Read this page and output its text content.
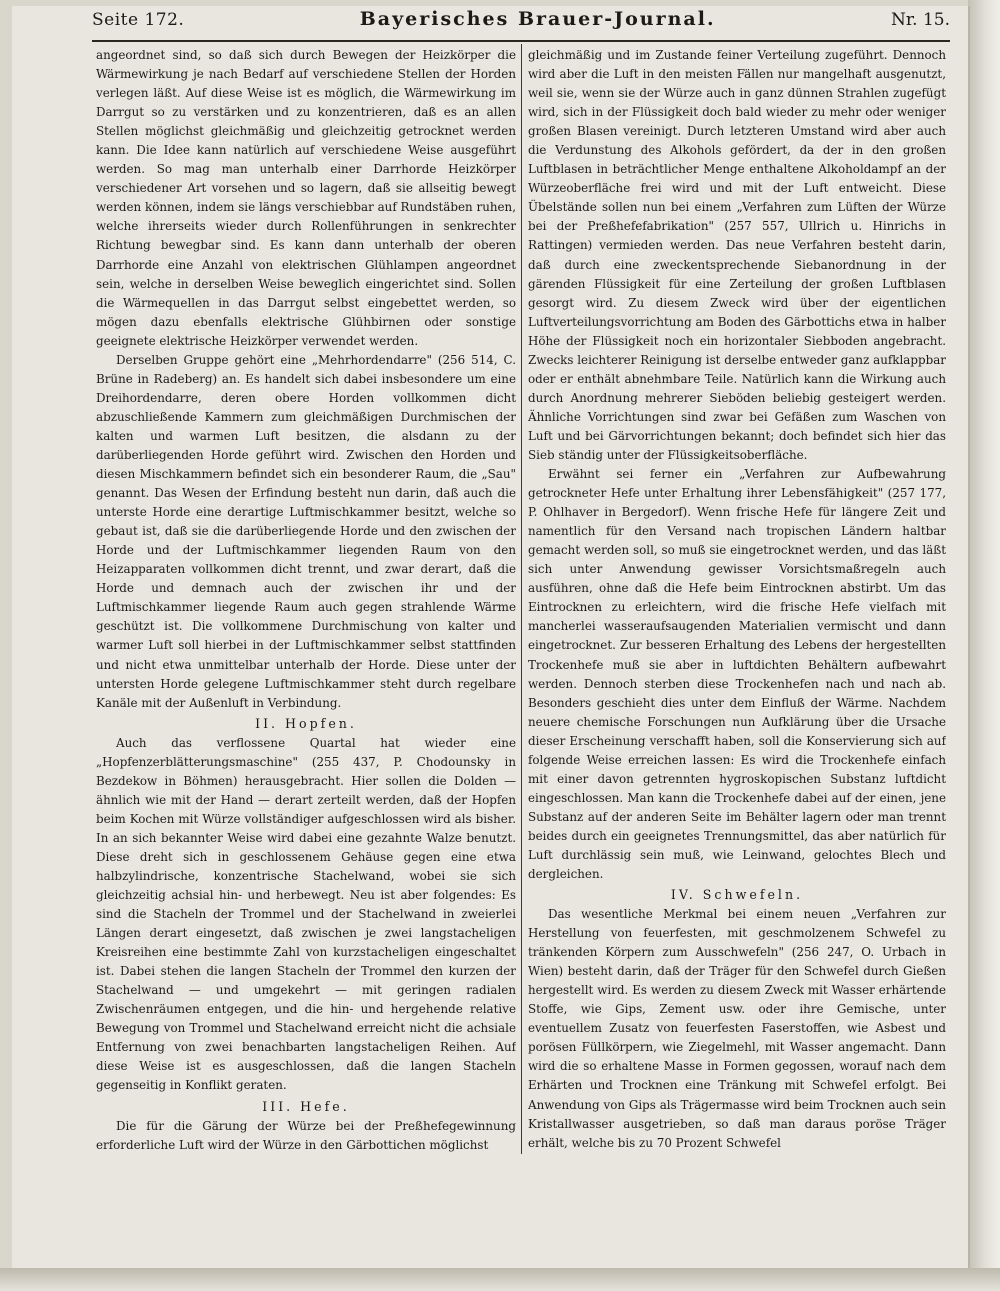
Seite 172.	Bayerisches Brauer-Journal.	Nr. 15.

angeordnet sind, so daß sich durch Bewegen der Heizkörper die Wärmewirkung je nach Bedarf auf verschiedene Stellen der Horden verlegen läßt. Auf diese Weise ist es möglich, die Wärmewirkung im Darrgut so zu verstärken und zu konzentrieren, daß es an allen Stellen möglichst gleichmäßig und gleichzeitig getrocknet werden kann. Die Idee kann natürlich auf verschiedene Weise ausgeführt werden. So mag man unterhalb einer Darrhorde Heizkörper verschiedener Art vorsehen und so lagern, daß sie allseitig bewegt werden können, indem sie längs verschiebbar auf Rundstäben ruhen, welche ihrerseits wieder durch Rollenführungen in senkrechter Richtung bewegbar sind. Es kann dann unterhalb der oberen Darrhorde eine Anzahl von elektrischen Glühlampen angeordnet sein, welche in derselben Weise beweglich eingerichtet sind. Sollen die Wärmequellen in das Darrgut selbst eingebettet werden, so mögen dazu ebenfalls elektrische Glühbirnen oder sonstige geeignete elektrische Heizkörper verwendet werden.

Derselben Gruppe gehört eine „Mehrhordendarre" (256 514, C. Brüne in Radeberg) an. Es handelt sich dabei insbesondere um eine Dreihordendarre, deren obere Horden vollkommen dicht abzuschließende Kammern zum gleichmäßigen Durchmischen der kalten und warmen Luft besitzen, die alsdann zu der darüberliegenden Horde geführt wird. Zwischen den Horden und diesen Mischkammern befindet sich ein besonderer Raum, die „Sau" genannt. Das Wesen der Erfindung besteht nun darin, daß auch die unterste Horde eine derartige Luftmischkammer besitzt, welche so gebaut ist, daß sie die darüberliegende Horde und den zwischen der Horde und der Luftmischkammer liegenden Raum von den Heizapparaten vollkommen dicht trennt, und zwar derart, daß die Horde und demnach auch der zwischen ihr und der Luftmischkammer liegende Raum auch gegen strahlende Wärme geschützt ist. Die vollkommene Durchmischung von kalter und warmer Luft soll hierbei in der Luftmischkammer selbst stattfinden und nicht etwa unmittelbar unterhalb der Horde. Diese unter der untersten Horde gelegene Luftmischkammer steht durch regelbare Kanäle mit der Außenluft in Verbindung.

II. Hopfen.

Auch das verflossene Quartal hat wieder eine „Hopfenzerblätterungsmaschine" (255 437, P. Chodounsky in Bezdekow in Böhmen) herausgebracht. Hier sollen die Dolden — ähnlich wie mit der Hand — derart zerteilt werden, daß der Hopfen beim Kochen mit Würze vollständiger aufgeschlossen wird als bisher. In an sich bekannter Weise wird dabei eine gezahnte Walze benutzt. Diese dreht sich in geschlossenem Gehäuse gegen eine etwa halbzylindrische, konzentrische Stachelwand, wobei sie sich gleichzeitig achsial hin- und herbewegt. Neu ist aber folgendes: Es sind die Stacheln der Trommel und der Stachelwand in zweierlei Längen derart eingesetzt, daß zwischen je zwei langstacheligen Kreisreihen eine bestimmte Zahl von kurzstacheligen eingeschaltet ist. Dabei stehen die langen Stacheln der Trommel den kurzen der Stachelwand — und umgekehrt — mit geringen radialen Zwischenräumen entgegen, und die hin- und hergehende relative Bewegung von Trommel und Stachelwand erreicht nicht die achsiale Entfernung von zwei benachbarten langstacheligen Reihen. Auf diese Weise ist es ausgeschlossen, daß die langen Stacheln gegenseitig in Konflikt geraten.

III. Hefe.

Die für die Gärung der Würze bei der Preßhefegewinnung erforderliche Luft wird der Würze in den Gärbottichen möglichst

gleichmäßig und im Zustande feiner Verteilung zugeführt. Dennoch wird aber die Luft in den meisten Fällen nur mangelhaft ausgenutzt, weil sie, wenn sie der Würze auch in ganz dünnen Strahlen zugefügt wird, sich in der Flüssigkeit doch bald wieder zu mehr oder weniger großen Blasen vereinigt. Durch letzteren Umstand wird aber auch die Verdunstung des Alkohols gefördert, da der in den großen Luftblasen in beträchtlicher Menge enthaltene Alkoholdampf an der Würzeoberfläche frei wird und mit der Luft entweicht. Diese Übelstände sollen nun bei einem „Verfahren zum Lüften der Würze bei der Preßhefefabrikation" (257 557, Ullrich u. Hinrichs in Rattingen) vermieden werden. Das neue Verfahren besteht darin, daß durch eine zweckentsprechende Siebanordnung in der gärenden Flüssigkeit für eine Zerteilung der großen Luftblasen gesorgt wird. Zu diesem Zweck wird über der eigentlichen Luftverteilungsvorrichtung am Boden des Gärbottichs etwa in halber Höhe der Flüssigkeit noch ein horizontaler Siebboden angebracht. Zwecks leichterer Reinigung ist derselbe entweder ganz aufklappbar oder er enthält abnehmbare Teile. Natürlich kann die Wirkung auch durch Anordnung mehrerer Sieböden beliebig gesteigert werden. Ähnliche Vorrichtungen sind zwar bei Gefäßen zum Waschen von Luft und bei Gärvorrichtungen bekannt; doch befindet sich hier das Sieb ständig unter der Flüssigkeitsoberfläche.

Erwähnt sei ferner ein „Verfahren zur Aufbewahrung getrockneter Hefe unter Erhaltung ihrer Lebensfähigkeit" (257 177, P. Ohlhaver in Bergedorf). Wenn frische Hefe für längere Zeit und namentlich für den Versand nach tropischen Ländern haltbar gemacht werden soll, so muß sie eingetrocknet werden, und das läßt sich unter Anwendung gewisser Vorsichtsmaßregeln auch ausführen, ohne daß die Hefe beim Eintrocknen abstirbt. Um das Eintrocknen zu erleichtern, wird die frische Hefe vielfach mit mancherlei wasseraufsaugenden Materialien vermischt und dann eingetrocknet. Zur besseren Erhaltung des Lebens der hergestellten Trockenhefe muß sie aber in luftdichten Behältern aufbewahrt werden. Dennoch sterben diese Trockenhefen nach und nach ab. Besonders geschieht dies unter dem Einfluß der Wärme. Nachdem neuere chemische Forschungen nun Aufklärung über die Ursache dieser Erscheinung verschafft haben, soll die Konservierung sich auf folgende Weise erreichen lassen: Es wird die Trockenhefe einfach mit einer davon getrennten hygroskopischen Substanz luftdicht eingeschlossen. Man kann die Trockenhefe dabei auf der einen, jene Substanz auf der anderen Seite im Behälter lagern oder man trennt beides durch ein geeignetes Trennungsmittel, das aber natürlich für Luft durchlässig sein muß, wie Leinwand, gelochtes Blech und dergleichen.

IV. Schwefeln.

Das wesentliche Merkmal bei einem neuen „Verfahren zur Herstellung von feuerfesten, mit geschmolzenem Schwefel zu tränkenden Körpern zum Ausschwefeln" (256 247, O. Urbach in Wien) besteht darin, daß der Träger für den Schwefel durch Gießen hergestellt wird. Es werden zu diesem Zweck mit Wasser erhärtende Stoffe, wie Gips, Zement usw. oder ihre Gemische, unter eventuellem Zusatz von feuerfesten Faserstoffen, wie Asbest und porösen Füllkörpern, wie Ziegelmehl, mit Wasser angemacht. Dann wird die so erhaltene Masse in Formen gegossen, worauf nach dem Erhärten und Trocknen eine Tränkung mit Schwefel erfolgt. Bei Anwendung von Gips als Trägermasse wird beim Trocknen auch sein Kristallwasser ausgetrieben, so daß man daraus poröse Träger erhält, welche bis zu 70 Prozent Schwefel
